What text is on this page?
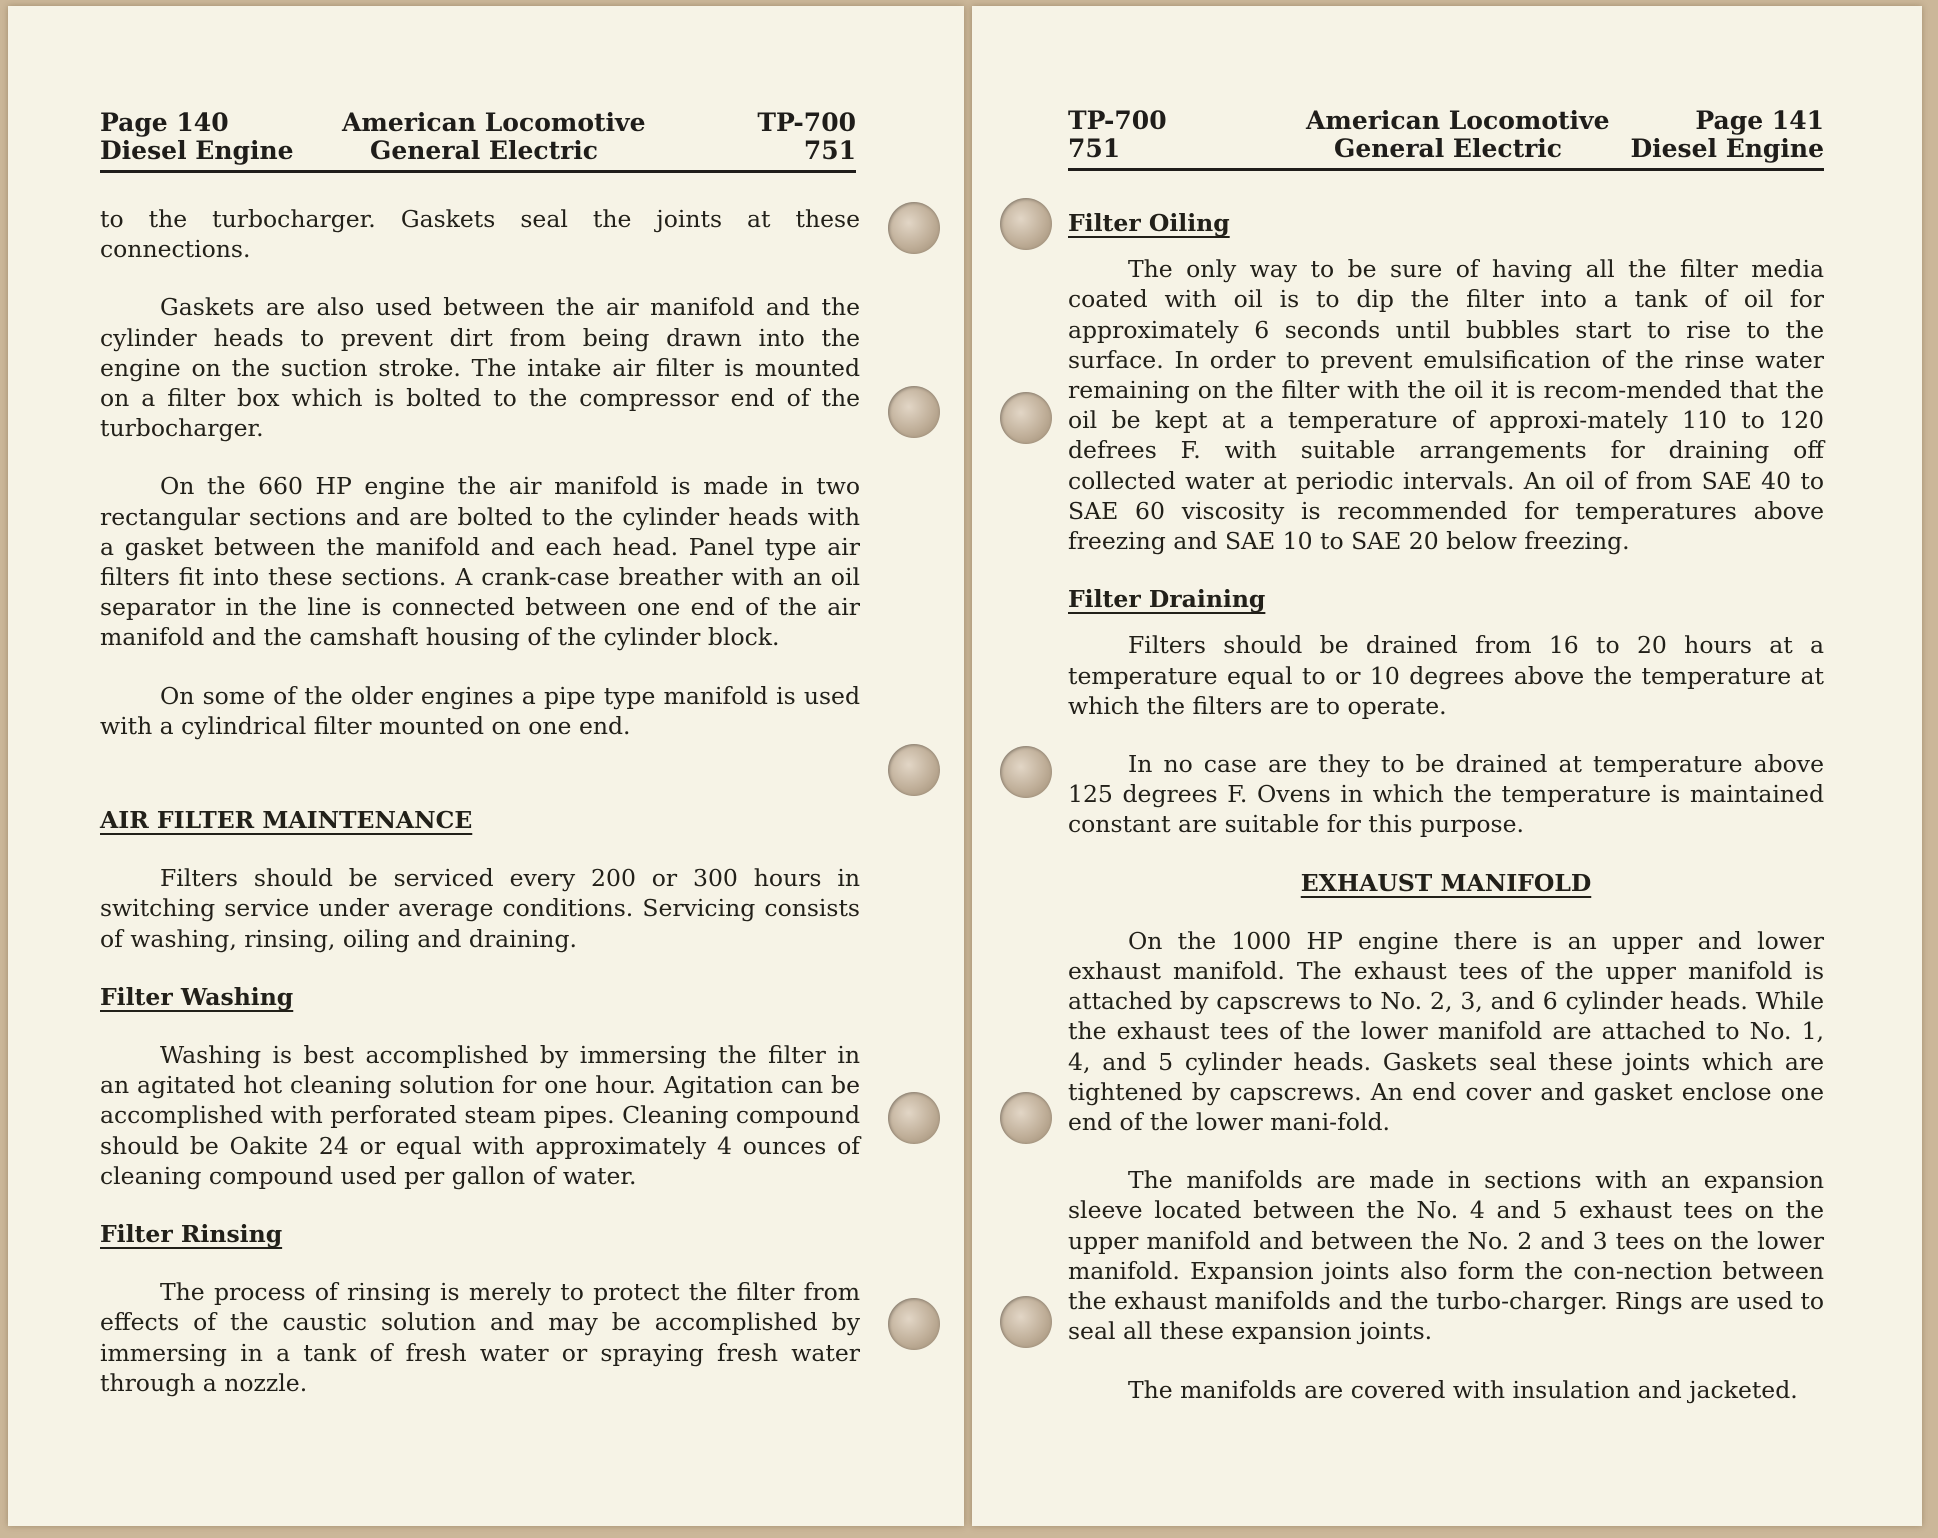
Page 140
Diesel Engine
American Locomotive
General Electric
TP-700
751

to the turbocharger. Gaskets seal the joints at these connections.

Gaskets are also used between the air manifold and the cylinder heads to prevent dirt from being drawn into the engine on the suction stroke. The intake air filter is mounted on a filter box which is bolted to the compressor end of the turbocharger.

On the 660 HP engine the air manifold is made in two rectangular sections and are bolted to the cylinder heads with a gasket between the manifold and each head. Panel type air filters fit into these sections. A crank-case breather with an oil separator in the line is connected between one end of the air manifold and the camshaft housing of the cylinder block.

On some of the older engines a pipe type manifold is used with a cylindrical filter mounted on one end.

AIR FILTER MAINTENANCE

Filters should be serviced every 200 or 300 hours in switching service under average conditions. Servicing consists of washing, rinsing, oiling and draining.

Filter Washing

Washing is best accomplished by immersing the filter in an agitated hot cleaning solution for one hour. Agitation can be accomplished with perforated steam pipes. Cleaning compound should be Oakite 24 or equal with approximately 4 ounces of cleaning compound used per gallon of water.

Filter Rinsing

The process of rinsing is merely to protect the filter from effects of the caustic solution and may be accomplished by immersing in a tank of fresh water or spraying fresh water through a nozzle.

TP-700
751
American Locomotive
General Electric
Page 141
Diesel Engine
Filter Oiling

The only way to be sure of having all the filter media coated with oil is to dip the filter into a tank of oil for approximately 6 seconds until bubbles start to rise to the surface. In order to prevent emulsification of the rinse water remaining on the filter with the oil it is recom-mended that the oil be kept at a temperature of approxi-mately 110 to 120 defrees F. with suitable arrangements for draining off collected water at periodic intervals. An oil of from SAE 40 to SAE 60 viscosity is recommended for temperatures above freezing and SAE 10 to SAE 20 below freezing.

Filter Draining

Filters should be drained from 16 to 20 hours at a temperature equal to or 10 degrees above the temperature at which the filters are to operate.

In no case are they to be drained at temperature above 125 degrees F. Ovens in which the temperature is maintained constant are suitable for this purpose.

EXHAUST MANIFOLD

On the 1000 HP engine there is an upper and lower exhaust manifold. The exhaust tees of the upper manifold is attached by capscrews to No. 2, 3, and 6 cylinder heads. While the exhaust tees of the lower manifold are attached to No. 1, 4, and 5 cylinder heads. Gaskets seal these joints which are tightened by capscrews. An end cover and gasket enclose one end of the lower mani-fold.

The manifolds are made in sections with an expansion sleeve located between the No. 4 and 5 exhaust tees on the upper manifold and between the No. 2 and 3 tees on the lower manifold. Expansion joints also form the con-nection between the exhaust manifolds and the turbo-charger. Rings are used to seal all these expansion joints.

The manifolds are covered with insulation and jacketed.
